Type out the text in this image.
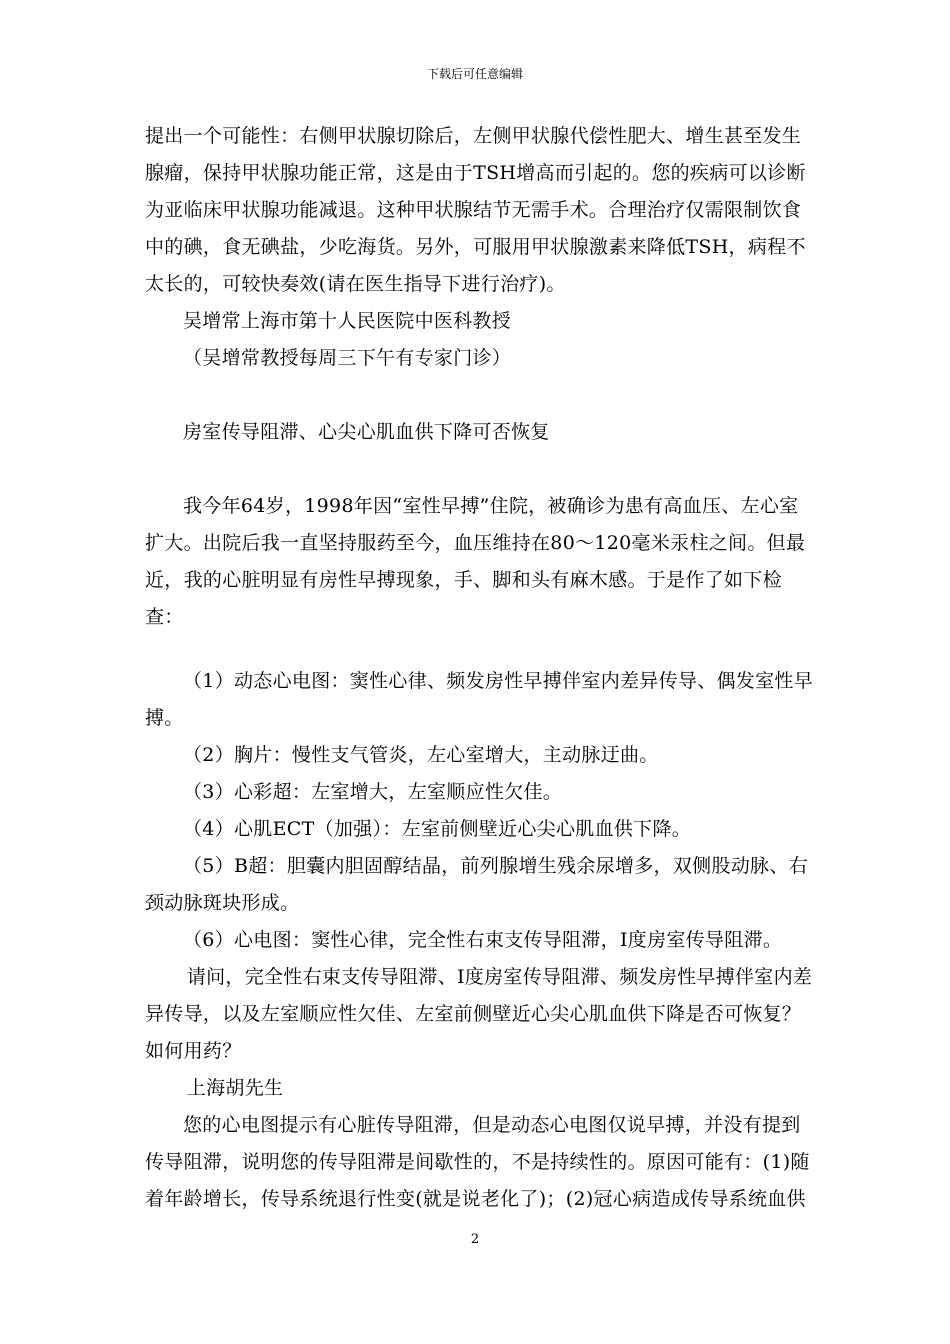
下载后可任意编辑

提出一个可能性：右侧甲状腺切除后，左侧甲状腺代偿性肥大、增生甚至发生腺瘤，保持甲状腺功能正常，这是由于TSH增高而引起的。您的疾病可以诊断为亚临床甲状腺功能减退。这种甲状腺结节无需手术。合理治疗仅需限制饮食中的碘，食无碘盐，少吃海货。另外，可服用甲状腺激素来降低TSH，病程不太长的，可较快奏效(请在医生指导下进行治疗)。

吴增常上海市第十人民医院中医科教授

（吴增常教授每周三下午有专家门诊）

房室传导阻滞、心尖心肌血供下降可否恢复

我今年64岁，1998年因“室性早搏”住院，被确诊为患有高血压、左心室扩大。出院后我一直坚持服药至今，血压维持在80～120毫米汞柱之间。但最近，我的心脏明显有房性早搏现象，手、脚和头有麻木感。于是作了如下检查：

（1）动态心电图：窦性心律、频发房性早搏伴室内差异传导、偶发室性早搏。

（2）胸片：慢性支气管炎，左心室增大，主动脉迂曲。

（3）心彩超：左室增大，左室顺应性欠佳。

（4）心肌ECT（加强）：左室前侧壁近心尖心肌血供下降。

（5）B超：胆囊内胆固醇结晶，前列腺增生残余尿增多，双侧股动脉、右颈动脉斑块形成。

（6）心电图：窦性心律，完全性右束支传导阻滞，I度房室传导阻滞。

请问，完全性右束支传导阻滞、I度房室传导阻滞、频发房性早搏伴室内差异传导，以及左室顺应性欠佳、左室前侧壁近心尖心肌血供下降是否可恢复？如何用药？

上海胡先生

您的心电图提示有心脏传导阻滞，但是动态心电图仅说早搏，并没有提到传导阻滞，说明您的传导阻滞是间歇性的，不是持续性的。原因可能有：(1)随着年龄增长，传导系统退行性变(就是说老化了)；(2)冠心病造成传导系统血供

2
